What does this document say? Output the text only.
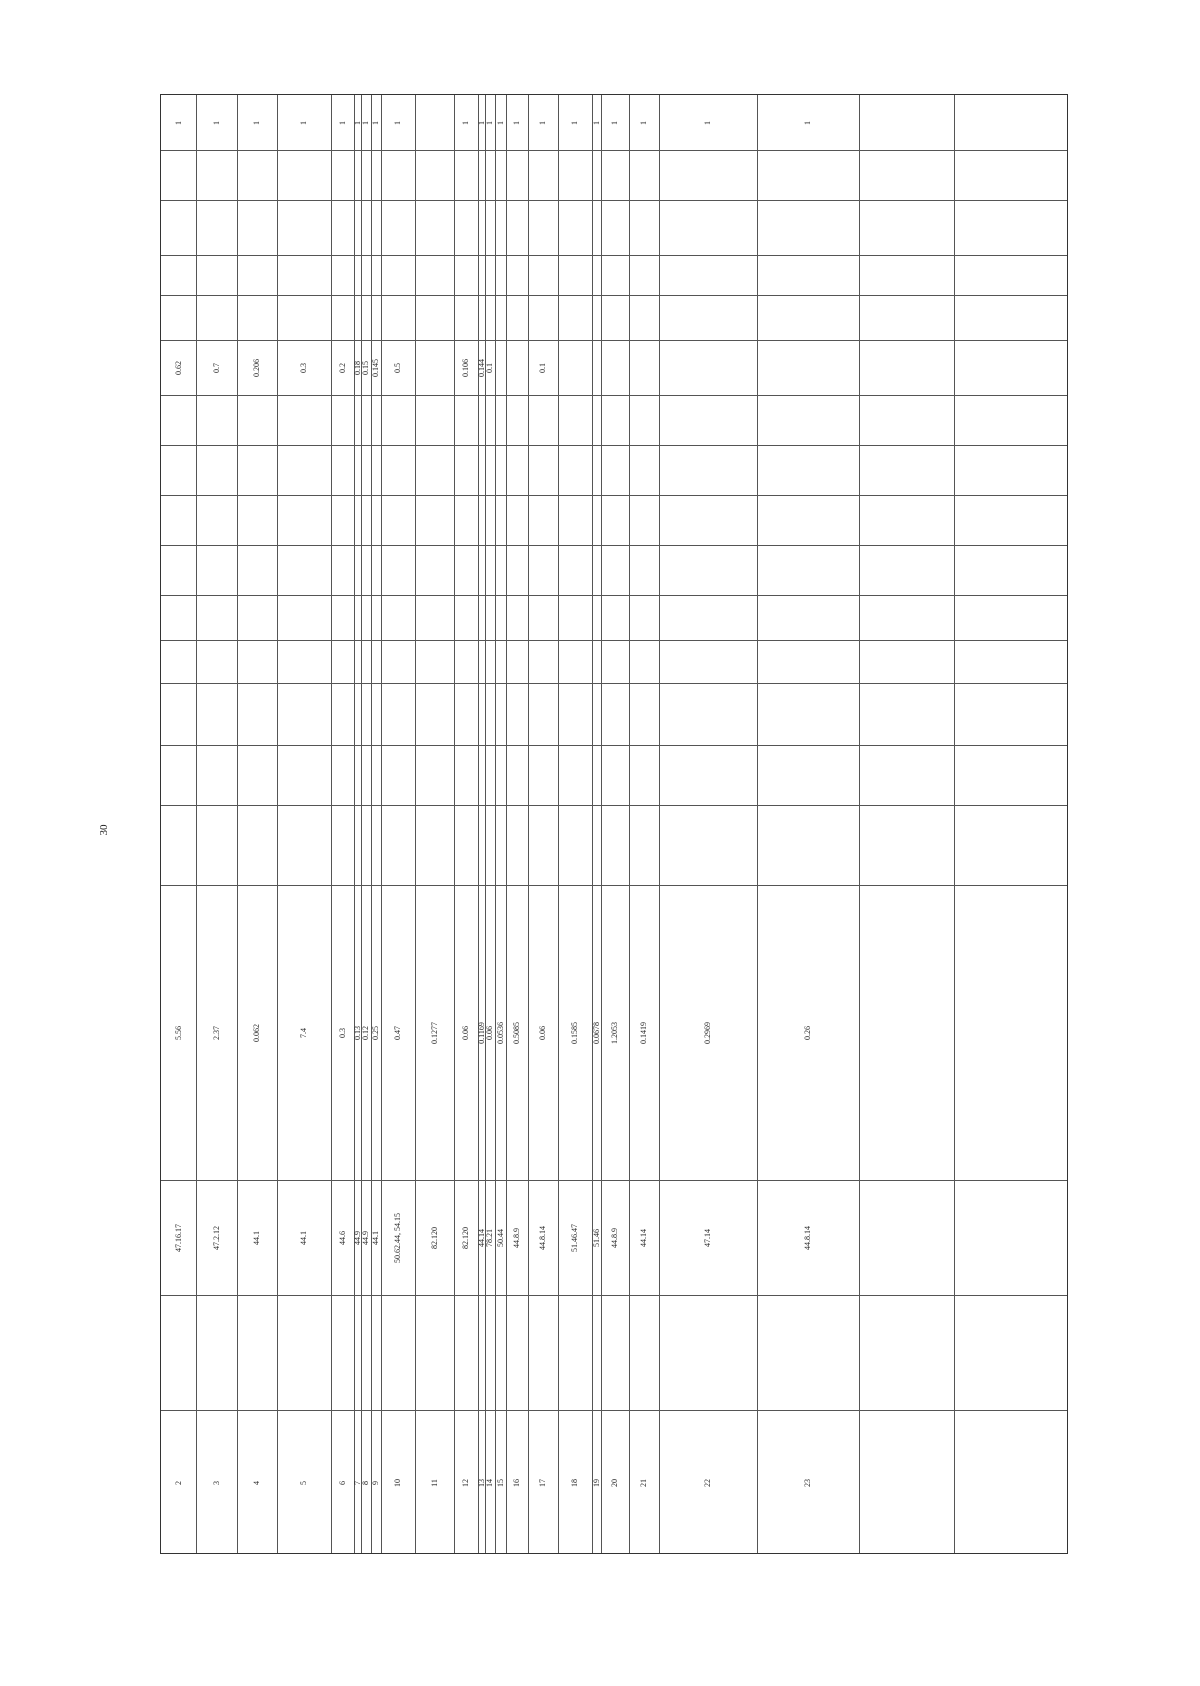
30
1
0.62
5.56
47.16.17
2
1
0.7
2.37
47.2.12
3
1
0.206
0.062
44.1
4
1
0.3
7.4
44.1
5
1
0.2
0.3
44.6
6
1
0.18
0.13
44.9
7
1
0.15
0.12
44.9
8
1
0.145
0.25
44.1
9
1
0.5
0.47
50.62.44, 54.15
10
0.1277
82.120
11
1
0.106
0.06
82.120
12
1
0.144
0.1169
44.14
13
1
0.1
0.06
78.21
14
1
0.0536
50.44
15
1
0.5085
44.8.9
16
1
0.1
0.06
44.8.14
17
1
0.1585
51.46.47
18
1
0.0678
51.46
19
1
1.2053
44.8.9
20
1
0.1419
44.14
21
1
0.2969
47.14
22
1
0.26
44.8.14
23
